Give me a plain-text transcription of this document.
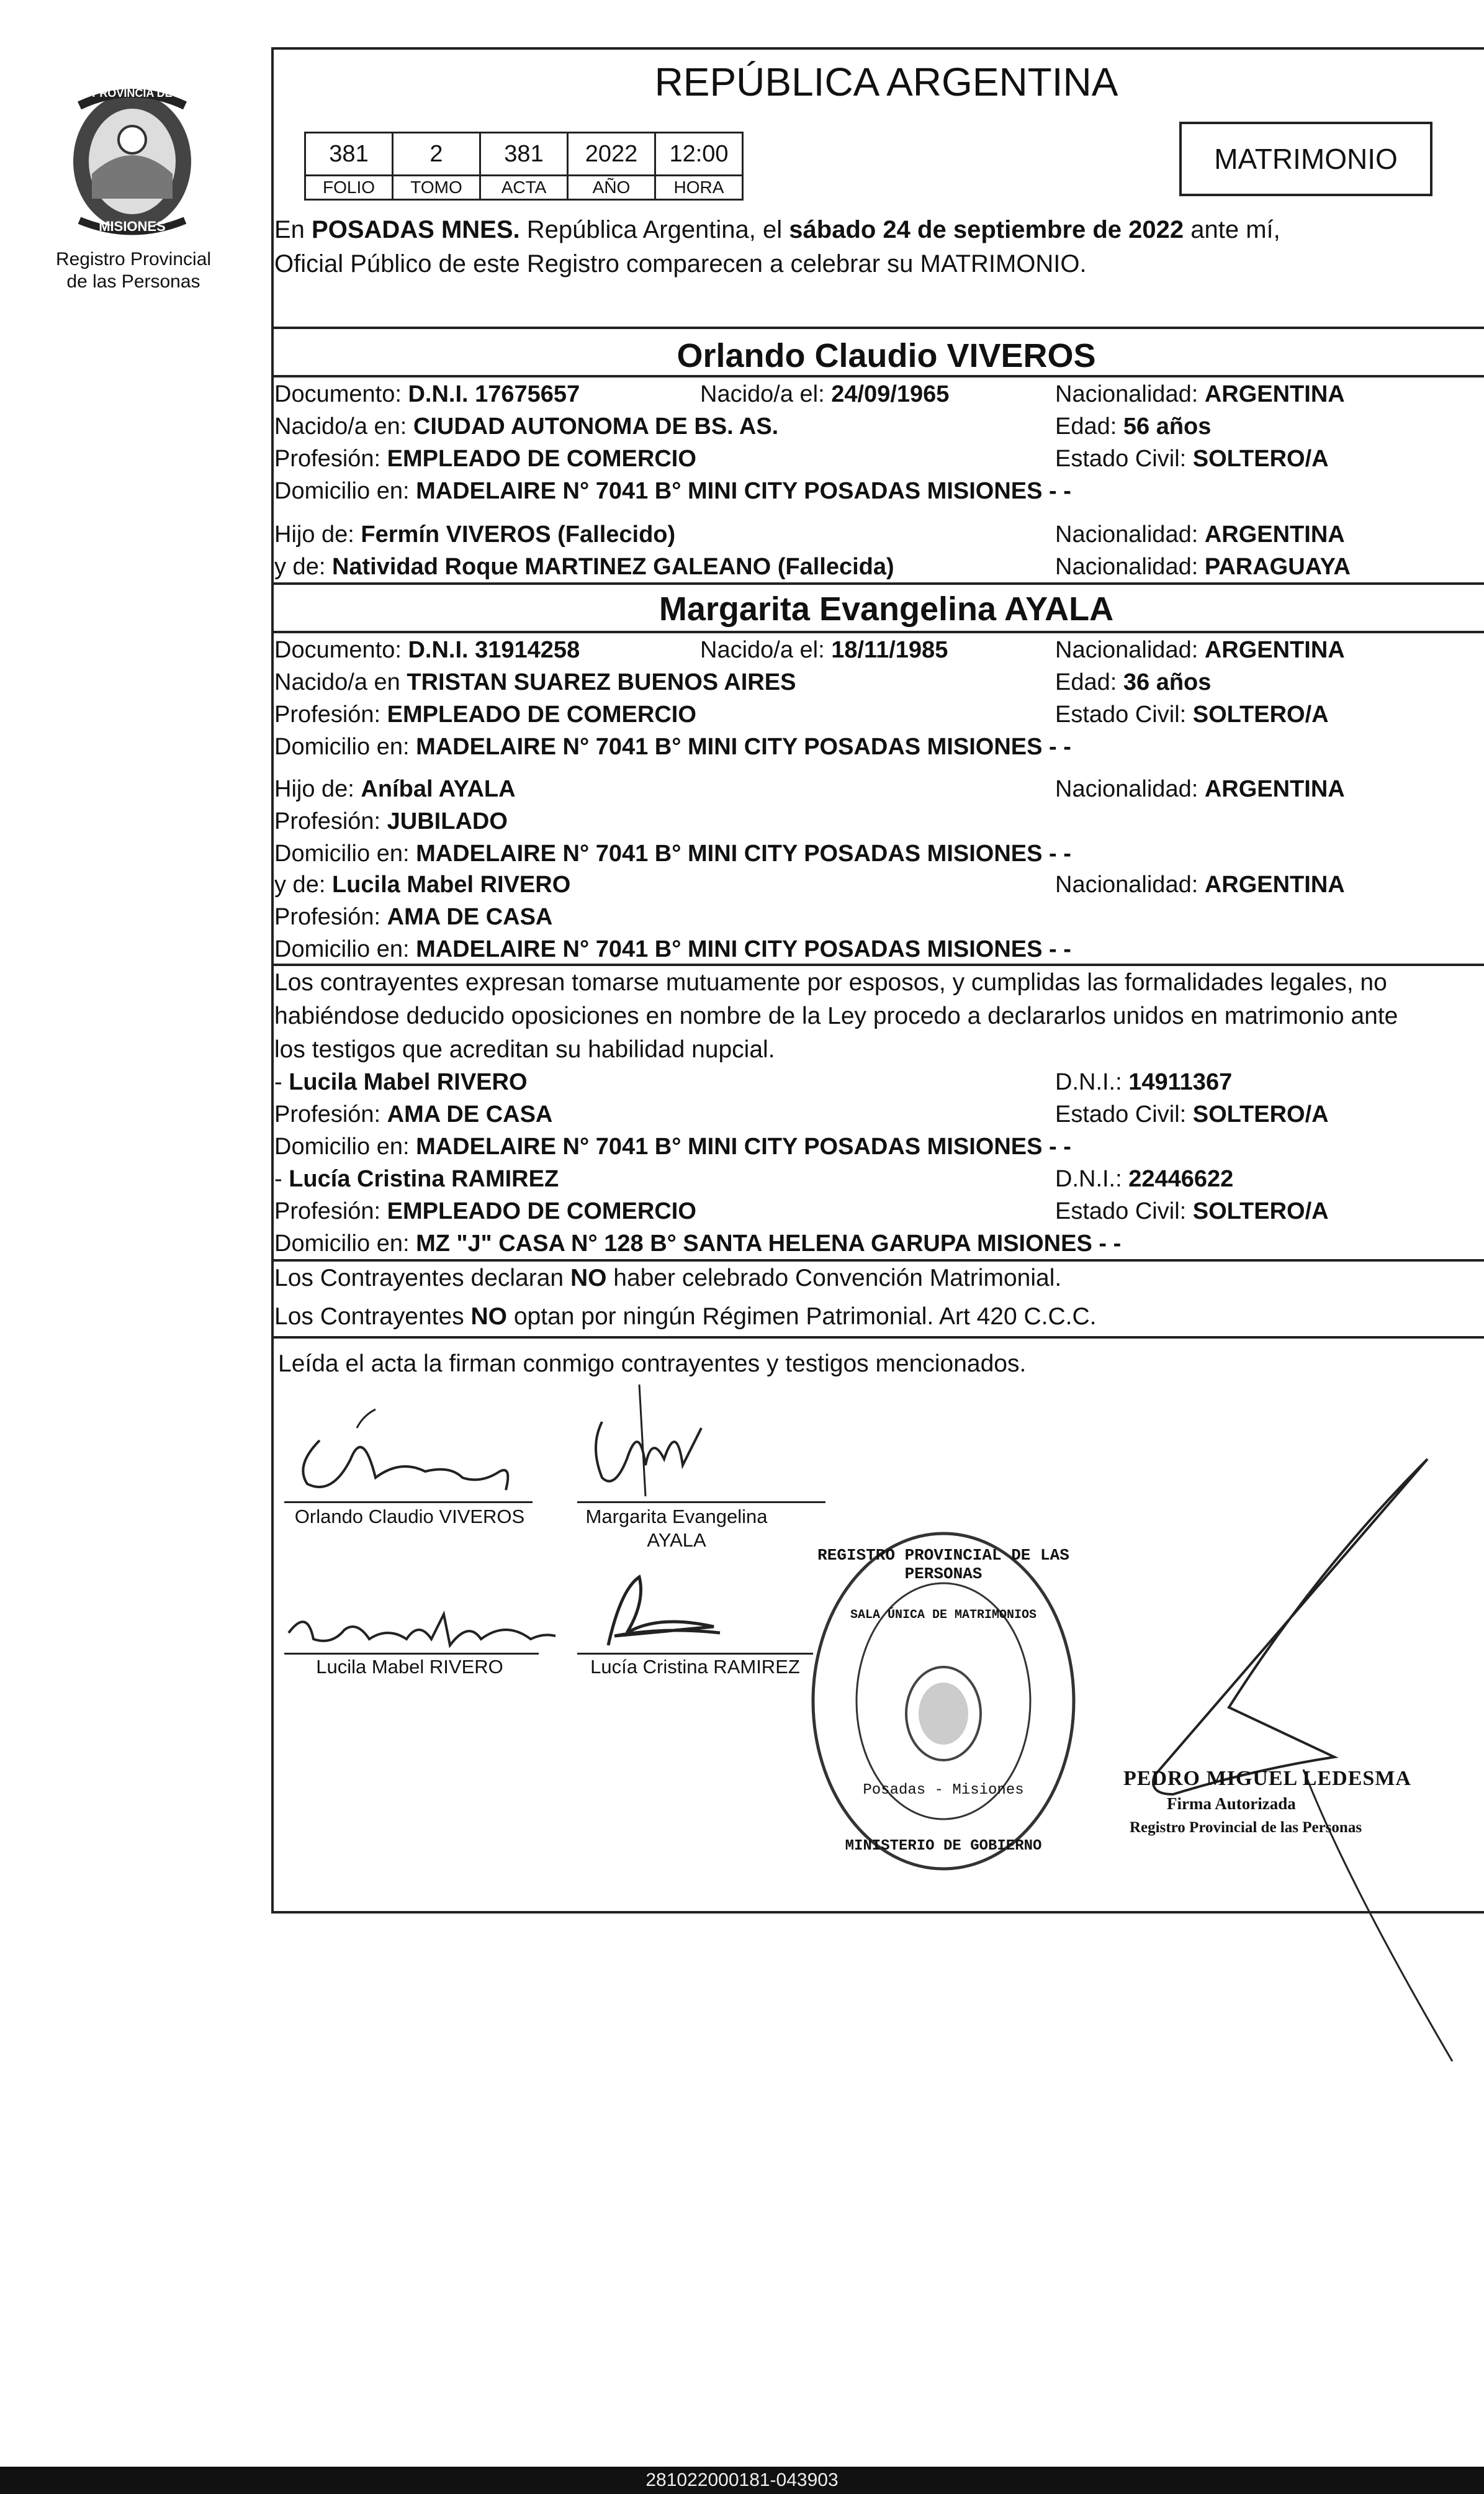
PROVINCIA DE
MISIONES
Registro Provincial
de las Personas
REPÚBLICA ARGENTINA
381	2	381	2022	12:00
FOLIO	TOMO	ACTA	AÑO	HORA
MATRIMONIO
En POSADAS MNES. República Argentina, el sábado 24 de septiembre de 2022 ante mí,
Oficial Público de este Registro comparecen a celebrar su MATRIMONIO.
Orlando Claudio VIVEROS
Documento: D.N.I. 17675657	Nacido/a el: 24/09/1965	Nacionalidad: ARGENTINA
Nacido/a en: CIUDAD AUTONOMA DE BS. AS.	Edad: 56 años
Profesión: EMPLEADO DE COMERCIO	Estado Civil: SOLTERO/A
Domicilio en: MADELAIRE N° 7041 B° MINI CITY POSADAS MISIONES - -
Hijo de: Fermín VIVEROS (Fallecido)	Nacionalidad: ARGENTINA
y de: Natividad Roque MARTINEZ GALEANO (Fallecida)	Nacionalidad: PARAGUAYA
Margarita Evangelina AYALA
Documento: D.N.I. 31914258	Nacido/a el: 18/11/1985	Nacionalidad: ARGENTINA
Nacido/a en TRISTAN SUAREZ BUENOS AIRES	Edad: 36 años
Profesión: EMPLEADO DE COMERCIO	Estado Civil: SOLTERO/A
Domicilio en: MADELAIRE N° 7041 B° MINI CITY POSADAS MISIONES - -
Hijo de: Aníbal AYALA	Nacionalidad: ARGENTINA
Profesión: JUBILADO
Domicilio en: MADELAIRE N° 7041 B° MINI CITY POSADAS MISIONES - -
y de: Lucila Mabel RIVERO	Nacionalidad: ARGENTINA
Profesión: AMA DE CASA
Domicilio en: MADELAIRE N° 7041 B° MINI CITY POSADAS MISIONES - -
Los contrayentes expresan tomarse mutuamente por esposos, y cumplidas las formalidades legales, no
habiéndose deducido oposiciones en nombre de la Ley procedo a declararlos unidos en matrimonio ante
los testigos que acreditan su habilidad nupcial.
- Lucila Mabel RIVERO	D.N.I.: 14911367
Profesión: AMA DE CASA	Estado Civil: SOLTERO/A
Domicilio en: MADELAIRE N° 7041 B° MINI CITY POSADAS MISIONES - -
- Lucía Cristina RAMIREZ	D.N.I.: 22446622
Profesión: EMPLEADO DE COMERCIO	Estado Civil: SOLTERO/A
Domicilio en: MZ "J" CASA N° 128 B° SANTA HELENA GARUPA MISIONES - -
Los Contrayentes declaran NO haber celebrado Convención Matrimonial.
Los Contrayentes NO optan por ningún Régimen Patrimonial. Art 420 C.C.C.
Leída el acta la firman conmigo contrayentes y testigos mencionados.
Orlando Claudio VIVEROS	Margarita Evangelina
AYALA
Lucila Mabel RIVERO	Lucía Cristina RAMIREZ
REGISTRO PROVINCIAL DE LAS PERSONAS
SALA ÚNICA DE MATRIMONIOS
Posadas - Misiones
MINISTERIO DE GOBIERNO
PEDRO MIGUEL LEDESMA
Firma Autorizada
Registro Provincial de las Personas
281022000181-043903
